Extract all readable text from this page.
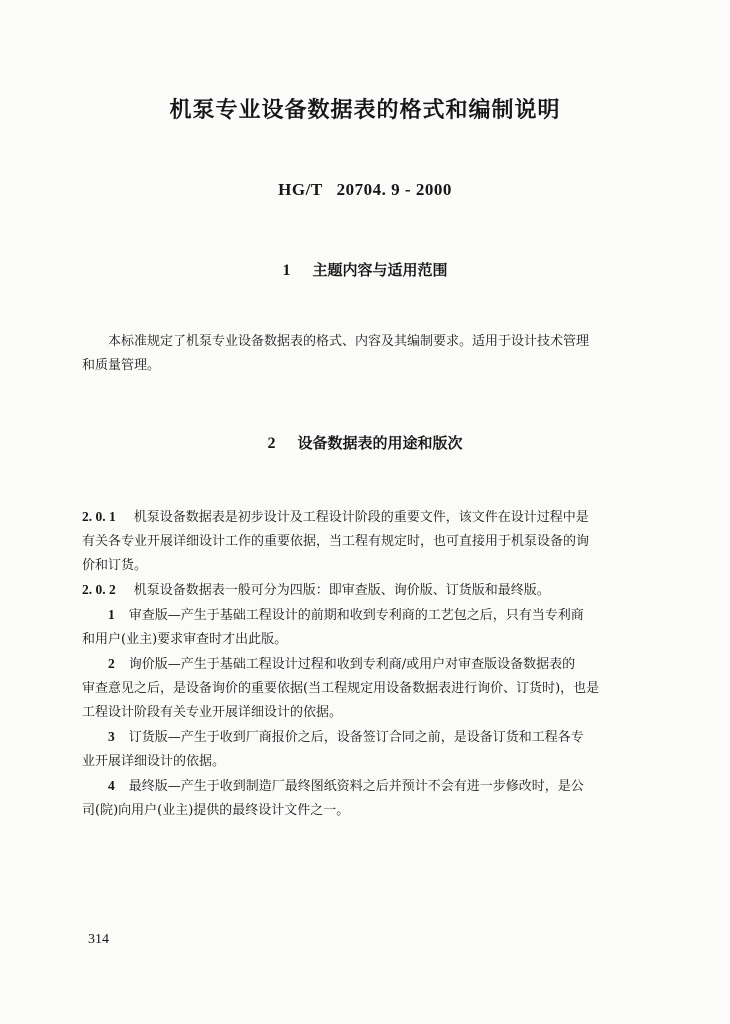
机泵专业设备数据表的格式和编制说明
HG/T 20704. 9 - 2000
1 主题内容与适用范围
本标准规定了机泵专业设备数据表的格式、内容及其编制要求。适用于设计技术管理
和质量管理。
2 设备数据表的用途和版次
2. 0. 1 机泵设备数据表是初步设计及工程设计阶段的重要文件，该文件在设计过程中是
有关各专业开展详细设计工作的重要依据，当工程有规定时，也可直接用于机泵设备的询
价和订货。
2. 0. 2 机泵设备数据表一般可分为四版：即审查版、询价版、订货版和最终版。
1 审查版—产生于基础工程设计的前期和收到专利商的工艺包之后，只有当专利商
和用户(业主)要求审查时才出此版。
2 询价版—产生于基础工程设计过程和收到专利商/或用户对审查版设备数据表的
审查意见之后，是设备询价的重要依据(当工程规定用设备数据表进行询价、订货时)，也是
工程设计阶段有关专业开展详细设计的依据。
3 订货版—产生于收到厂商报价之后，设备签订合同之前，是设备订货和工程各专
业开展详细设计的依据。
4 最终版—产生于收到制造厂最终图纸资料之后并预计不会有进一步修改时，是公
司(院)向用户(业主)提供的最终设计文件之一。
314
